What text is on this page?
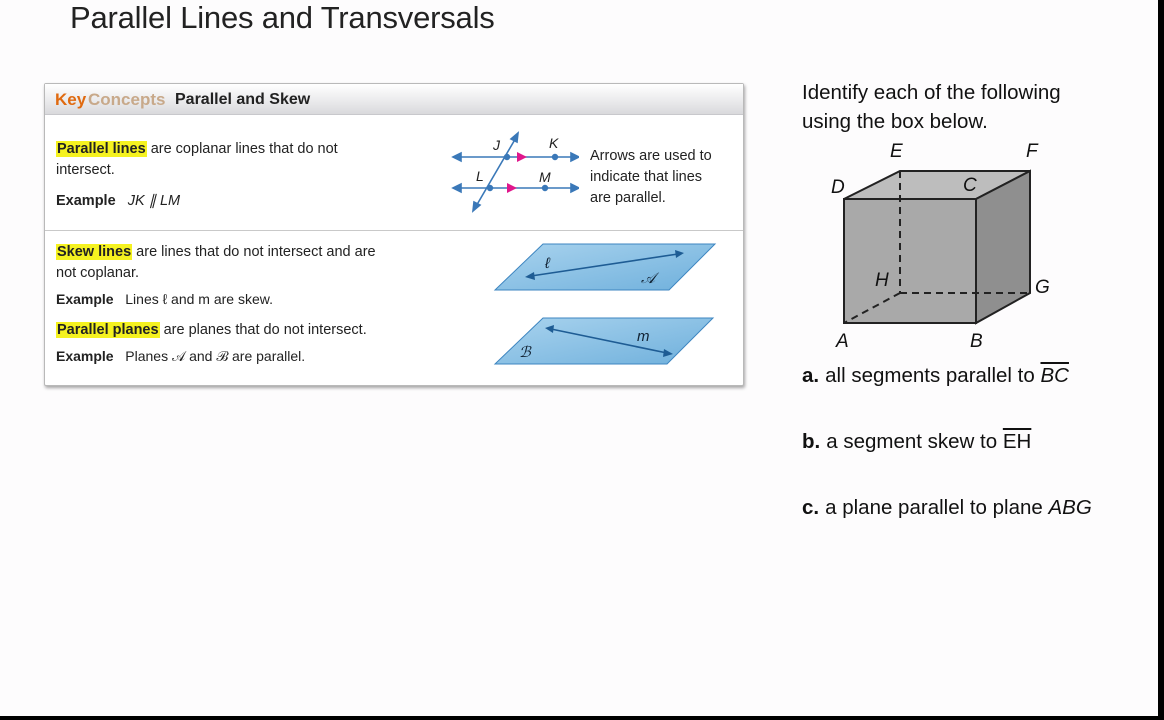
Parallel Lines and Transversals
Key Concepts Parallel and Skew
Parallel lines are coplanar lines that do not
intersect.
Example JK ∥ LM
J	K
L	M
Arrows are used to
indicate that lines
are parallel.
Skew lines are lines that do not intersect and are
not coplanar.
Example Lines ℓ and m are skew.
Parallel planes are planes that do not intersect.
Example Planes 𝒜 and ℬ are parallel.
ℓ
𝒜
m
ℬ
Identify each of the following
using the box below.
A	B
C
D
E	F
G
H
a. all segments parallel to $\overline{BC}$
b. a segment skew to $\overline{EH}$
c. a plane parallel to plane ABG
